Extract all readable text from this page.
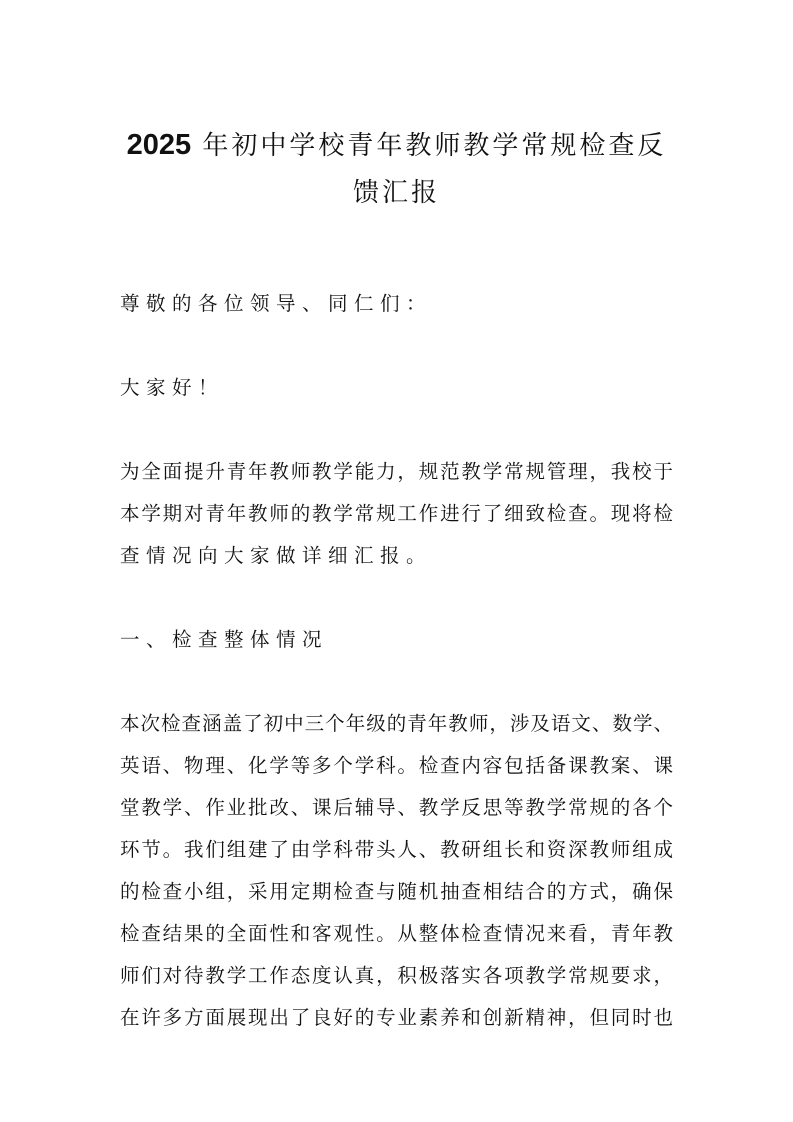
2025 年初中学校青年教师教学常规检查反
馈汇报
尊敬的各位领导、同仁们：
大家好！
为全面提升青年教师教学能力，规范教学常规管理，我校于
本学期对青年教师的教学常规工作进行了细致检查。现将检
查情况向大家做详细汇报。
一、检查整体情况
本次检查涵盖了初中三个年级的青年教师，涉及语文、数学、
英语、物理、化学等多个学科。检查内容包括备课教案、课
堂教学、作业批改、课后辅导、教学反思等教学常规的各个
环节。我们组建了由学科带头人、教研组长和资深教师组成
的检查小组，采用定期检查与随机抽查相结合的方式，确保
检查结果的全面性和客观性。从整体检查情况来看，青年教
师们对待教学工作态度认真，积极落实各项教学常规要求，
在许多方面展现出了良好的专业素养和创新精神，但同时也
